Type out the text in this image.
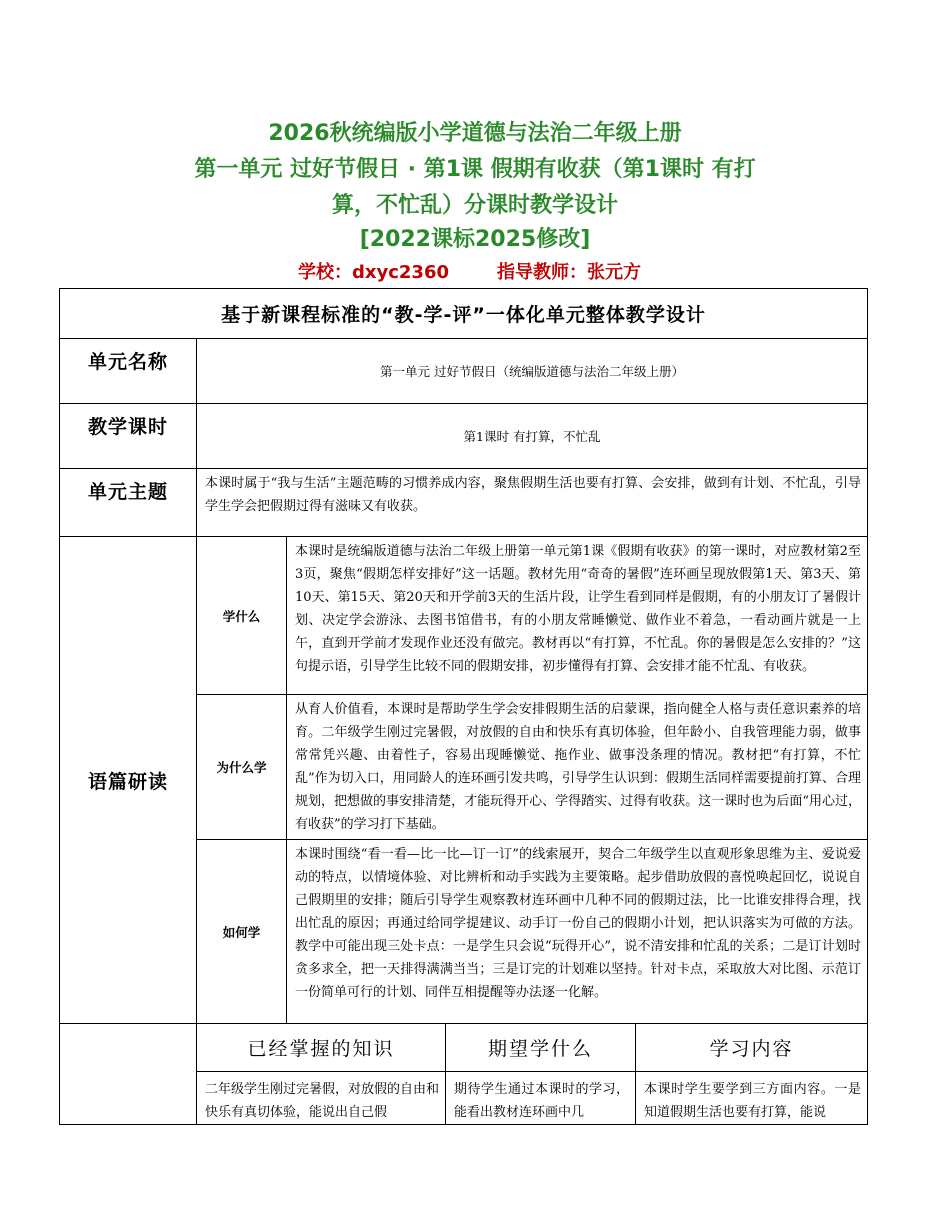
2026秋统编版小学道德与法治二年级上册
第一单元 过好节假日 · 第1课 假期有收获（第1课时 有打
算，不忙乱）分课时教学设计
[2022课标2025修改]
学校：dxyc2360	指导教师：张元方
基于新课程标准的“教-学-评”一体化单元整体教学设计				
单元名称	第一单元 过好节假日（统编版道德与法治二年级上册）			
教学课时	第1课时 有打算，不忙乱			
单元主题	本课时属于“我与生活”主题范畴的习惯养成内容，聚焦假期生活也要有打算、会安排，做到有计划、不忙乱，引导学生学会把假期过得有滋味又有收获。			
语篇研读	学什么	本课时是统编版道德与法治二年级上册第一单元第1课《假期有收获》的第一课时，对应教材第2至3页，聚焦“假期怎样安排好”这一话题。教材先用“奇奇的暑假”连环画呈现放假第1天、第3天、第10天、第15天、第20天和开学前3天的生活片段，让学生看到同样是假期，有的小朋友订了暑假计划、决定学会游泳、去图书馆借书，有的小朋友常睡懒觉、做作业不着急，一看动画片就是一上午，直到开学前才发现作业还没有做完。教材再以“有打算，不忙乱。你的暑假是怎么安排的？”这句提示语，引导学生比较不同的假期安排，初步懂得有打算、会安排才能不忙乱、有收获。		
	为什么学	从育人价值看，本课时是帮助学生学会安排假期生活的启蒙课，指向健全人格与责任意识素养的培育。二年级学生刚过完暑假，对放假的自由和快乐有真切体验，但年龄小、自我管理能力弱，做事常常凭兴趣、由着性子，容易出现睡懒觉、拖作业、做事没条理的情况。教材把“有打算，不忙乱”作为切入口，用同龄人的连环画引发共鸣，引导学生认识到：假期生活同样需要提前打算、合理规划，把想做的事安排清楚，才能玩得开心、学得踏实、过得有收获。这一课时也为后面“用心过，有收获”的学习打下基础。		
	如何学	本课时围绕“看一看—比一比—订一订”的线索展开，契合二年级学生以直观形象思维为主、爱说爱动的特点，以情境体验、对比辨析和动手实践为主要策略。起步借助放假的喜悦唤起回忆，说说自己假期里的安排；随后引导学生观察教材连环画中几种不同的假期过法，比一比谁安排得合理，找出忙乱的原因；再通过给同学提建议、动手订一份自己的假期小计划，把认识落实为可做的方法。教学中可能出现三处卡点：一是学生只会说“玩得开心”，说不清安排和忙乱的关系；二是订计划时贪多求全，把一天排得满满当当；三是订完的计划难以坚持。针对卡点，采取放大对比图、示范订一份简单可行的计划、同伴互相提醒等办法逐一化解。		
	已经掌握的知识		期望学什么	学习内容
	二年级学生刚过完暑假，对放假的自由和快乐有真切体验，能说出自己假		期待学生通过本课时的学习，能看出教材连环画中几	本课时学生要学到三方面内容。一是知道假期生活也要有打算，能说
